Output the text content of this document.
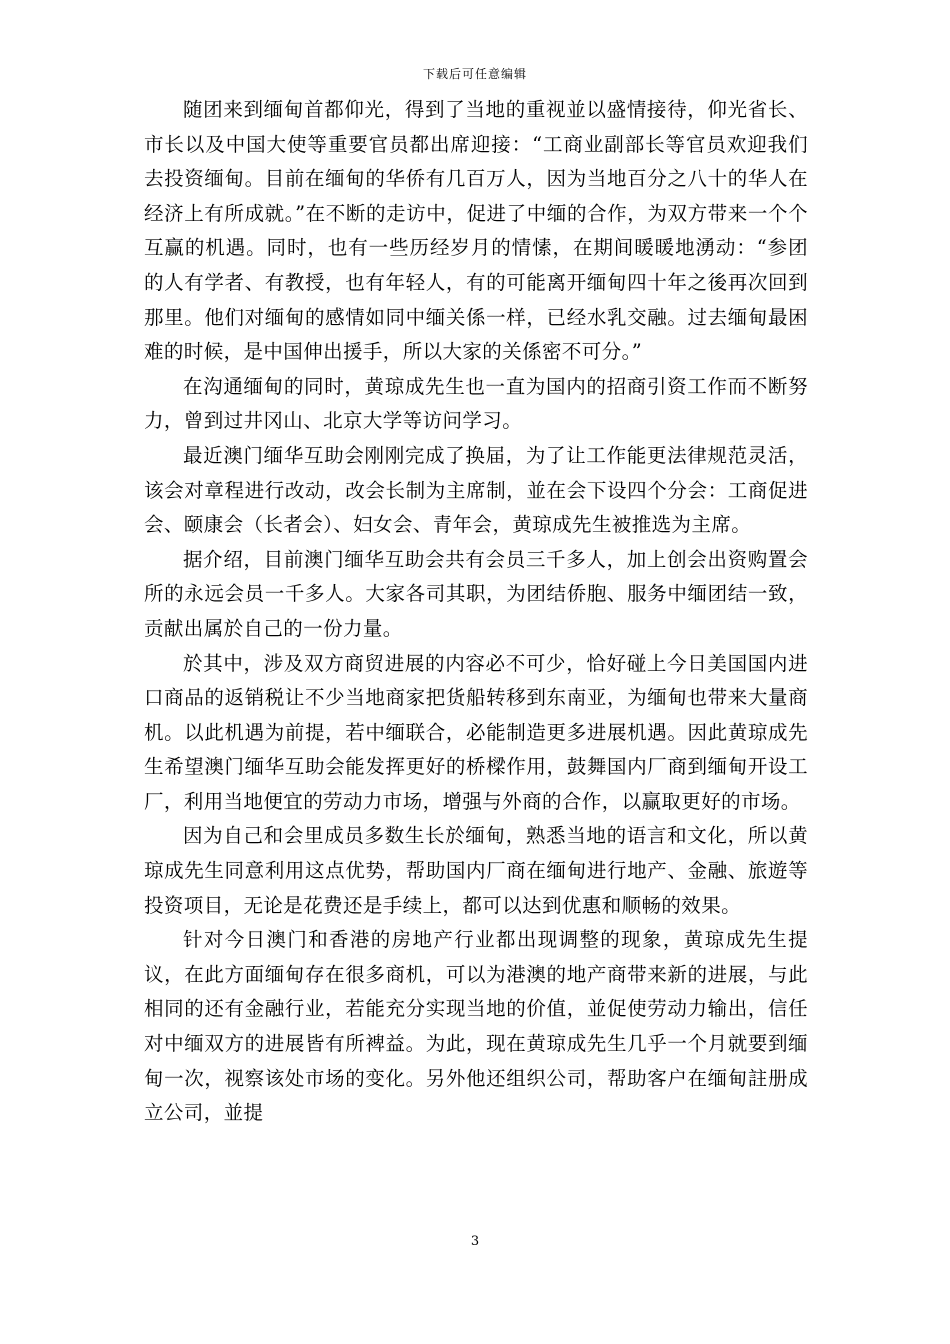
下载后可任意编辑

随团来到缅甸首都仰光，得到了当地的重视並以盛情接待，仰光省长、市长以及中国大使等重要官员都出席迎接：“工商业副部长等官员欢迎我们去投资缅甸。目前在缅甸的华侨有几百万人，因为当地百分之八十的华人在经济上有所成就。”在不断的走访中，促进了中缅的合作，为双方带来一个个互赢的机遇。同时，也有一些历经岁月的情愫，在期间暖暖地湧动：“参团的人有学者、有教授，也有年轻人，有的可能离开缅甸四十年之後再次回到那里。他们对缅甸的感情如同中缅关係一样，已经水乳交融。过去缅甸最困难的时候，是中国伸出援手，所以大家的关係密不可分。”

在沟通缅甸的同时，黄琼成先生也一直为国内的招商引资工作而不断努力，曾到过井冈山、北京大学等访问学习。

最近澳门缅华互助会刚刚完成了换届，为了让工作能更法律规范灵活，该会对章程进行改动，改会长制为主席制，並在会下设四个分会：工商促进会、颐康会（长者会）、妇女会、青年会，黄琼成先生被推选为主席。

据介绍，目前澳门缅华互助会共有会员三千多人，加上创会出资购置会所的永远会员一千多人。大家各司其职，为团结侨胞、服务中缅团结一致，贡献出属於自己的一份力量。

於其中，涉及双方商贸进展的内容必不可少，恰好碰上今日美国国内进口商品的返销税让不少当地商家把货船转移到东南亚，为缅甸也带来大量商机。以此机遇为前提，若中缅联合，必能制造更多进展机遇。因此黄琼成先生希望澳门缅华互助会能发挥更好的桥樑作用，鼓舞国内厂商到缅甸开设工厂，利用当地便宜的劳动力市场，增强与外商的合作，以赢取更好的市场。

因为自己和会里成员多数生长於缅甸，熟悉当地的语言和文化，所以黄琼成先生同意利用这点优势，帮助国内厂商在缅甸进行地产、金融、旅遊等投资项目，无论是花费还是手续上，都可以达到优惠和顺畅的效果。

针对今日澳门和香港的房地产行业都出现调整的现象，黄琼成先生提议，在此方面缅甸存在很多商机，可以为港澳的地产商带来新的进展，与此相同的还有金融行业，若能充分实现当地的价值，並促使劳动力输出，信任对中缅双方的进展皆有所裨益。为此，现在黄琼成先生几乎一个月就要到缅甸一次，视察该处市场的变化。另外他还组织公司，帮助客户在缅甸註册成立公司，並提

3
